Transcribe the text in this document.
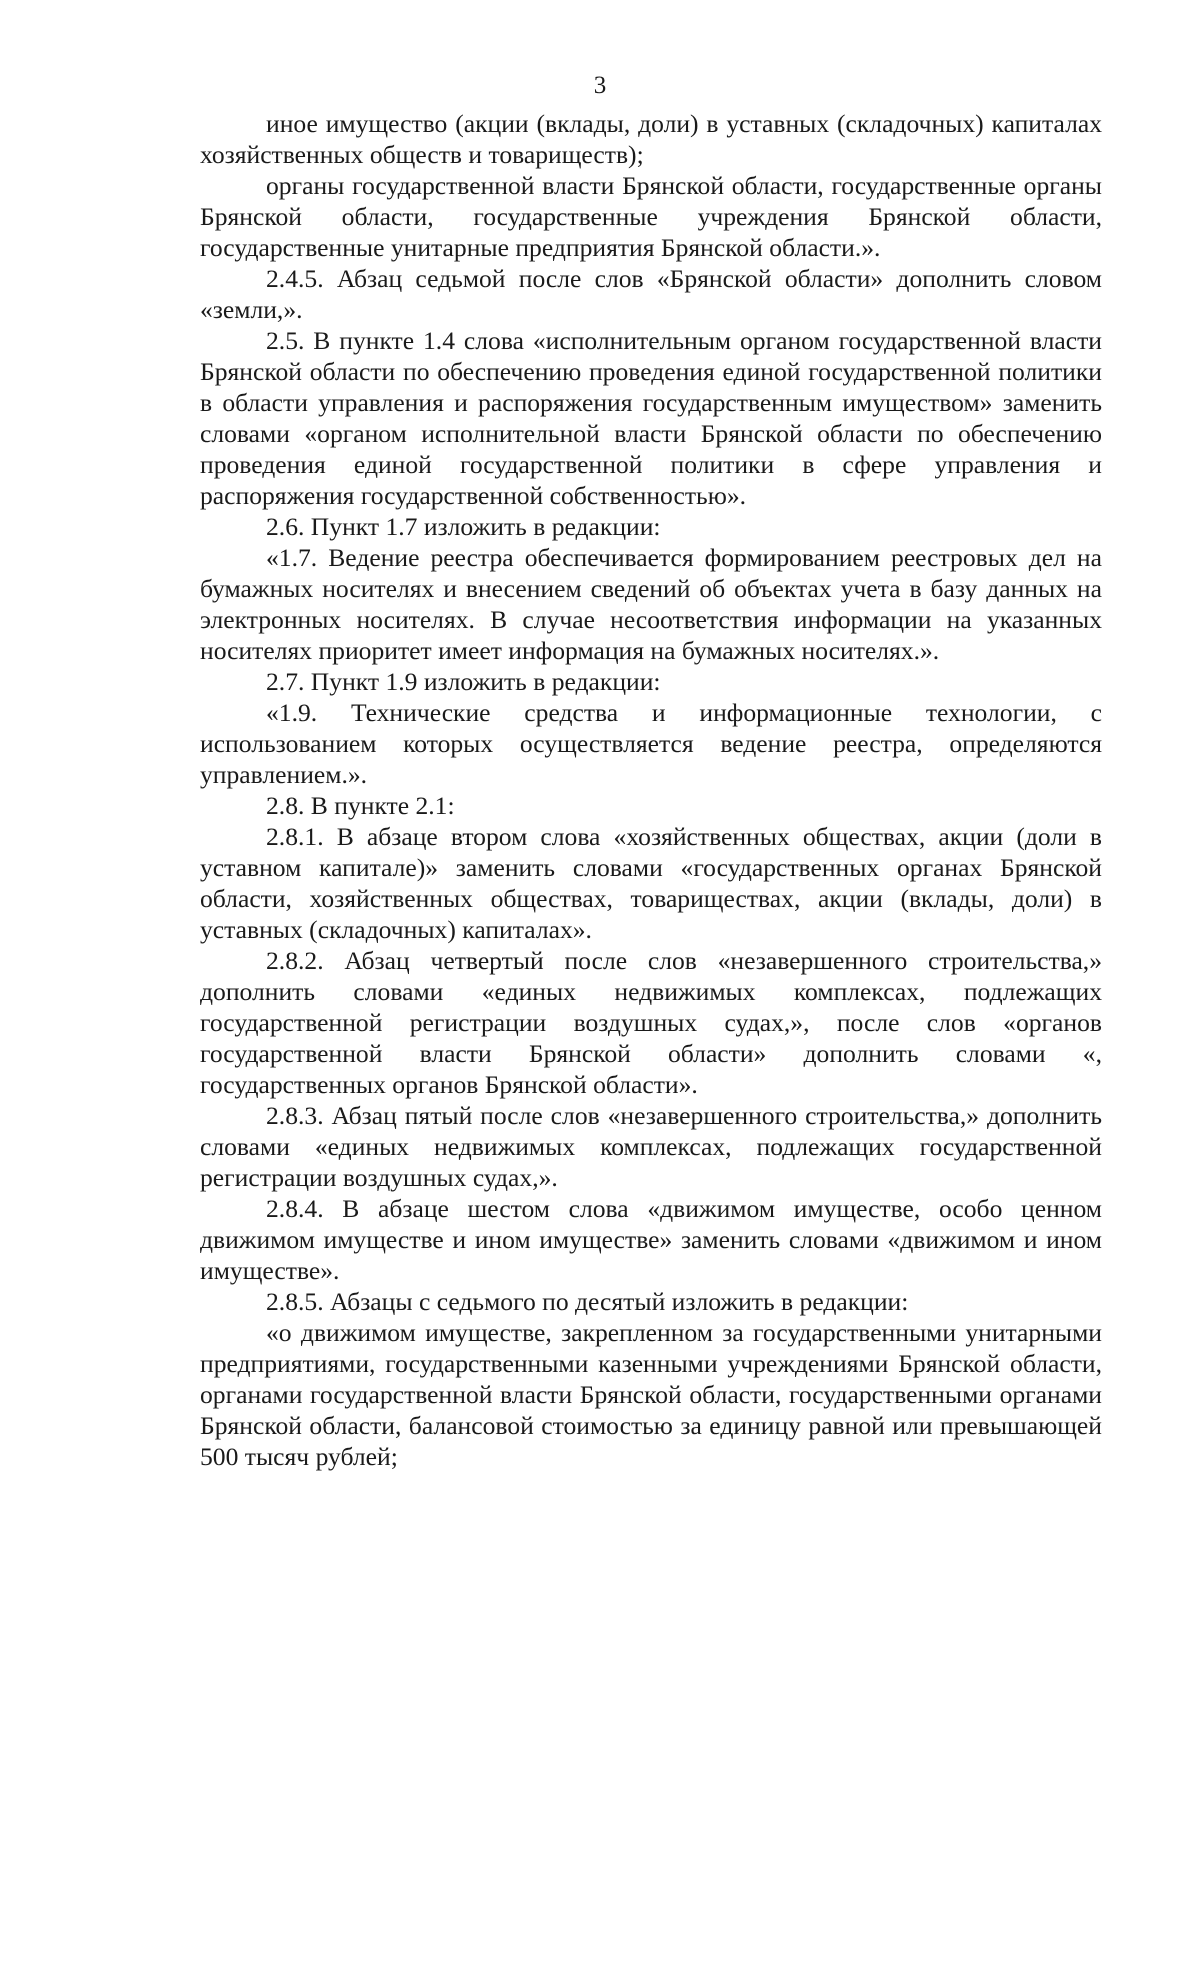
3

иное имущество (акции (вклады, доли) в уставных (складочных) капиталах хозяйственных обществ и товариществ);

органы государственной власти Брянской области, государственные органы Брянской области, государственные учреждения Брянской области, государственные унитарные предприятия Брянской области.».

2.4.5. Абзац седьмой после слов «Брянской области» дополнить словом «земли,».

2.5. В пункте 1.4 слова «исполнительным органом государственной власти Брянской области по обеспечению проведения единой государственной политики в области управления и распоряжения государственным имуществом» заменить словами «органом исполнительной власти Брянской области по обеспечению проведения единой государственной политики в сфере управления и распоряжения государственной собственностью».

2.6. Пункт 1.7 изложить в редакции:

«1.7. Ведение реестра обеспечивается формированием реестровых дел на бумажных носителях и внесением сведений об объектах учета в базу данных на электронных носителях. В случае несоответствия информации на указанных носителях приоритет имеет информация на бумажных носителях.».

2.7. Пункт 1.9 изложить в редакции:

«1.9. Технические средства и информационные технологии, с использованием которых осуществляется ведение реестра, определяются управлением.».

2.8. В пункте 2.1:

2.8.1. В абзаце втором слова «хозяйственных обществах, акции (доли в уставном капитале)» заменить словами «государственных органах Брянской области, хозяйственных обществах, товариществах, акции (вклады, доли) в уставных (складочных) капиталах».

2.8.2. Абзац четвертый после слов «незавершенного строительства,» дополнить словами «единых недвижимых комплексах, подлежащих государственной регистрации воздушных судах,», после слов «органов государственной власти Брянской области» дополнить словами «, государственных органов Брянской области».

2.8.3. Абзац пятый после слов «незавершенного строительства,» дополнить словами «единых недвижимых комплексах, подлежащих государственной регистрации воздушных судах,».

2.8.4. В абзаце шестом слова «движимом имуществе, особо ценном движимом имуществе и ином имуществе» заменить словами «движимом и ином имуществе».

2.8.5. Абзацы с седьмого по десятый изложить в редакции:

«о движимом имуществе, закрепленном за государственными унитарными предприятиями, государственными казенными учреждениями Брянской области, органами государственной власти Брянской области, государственными органами Брянской области, балансовой стоимостью за единицу равной или превышающей 500 тысяч рублей;
